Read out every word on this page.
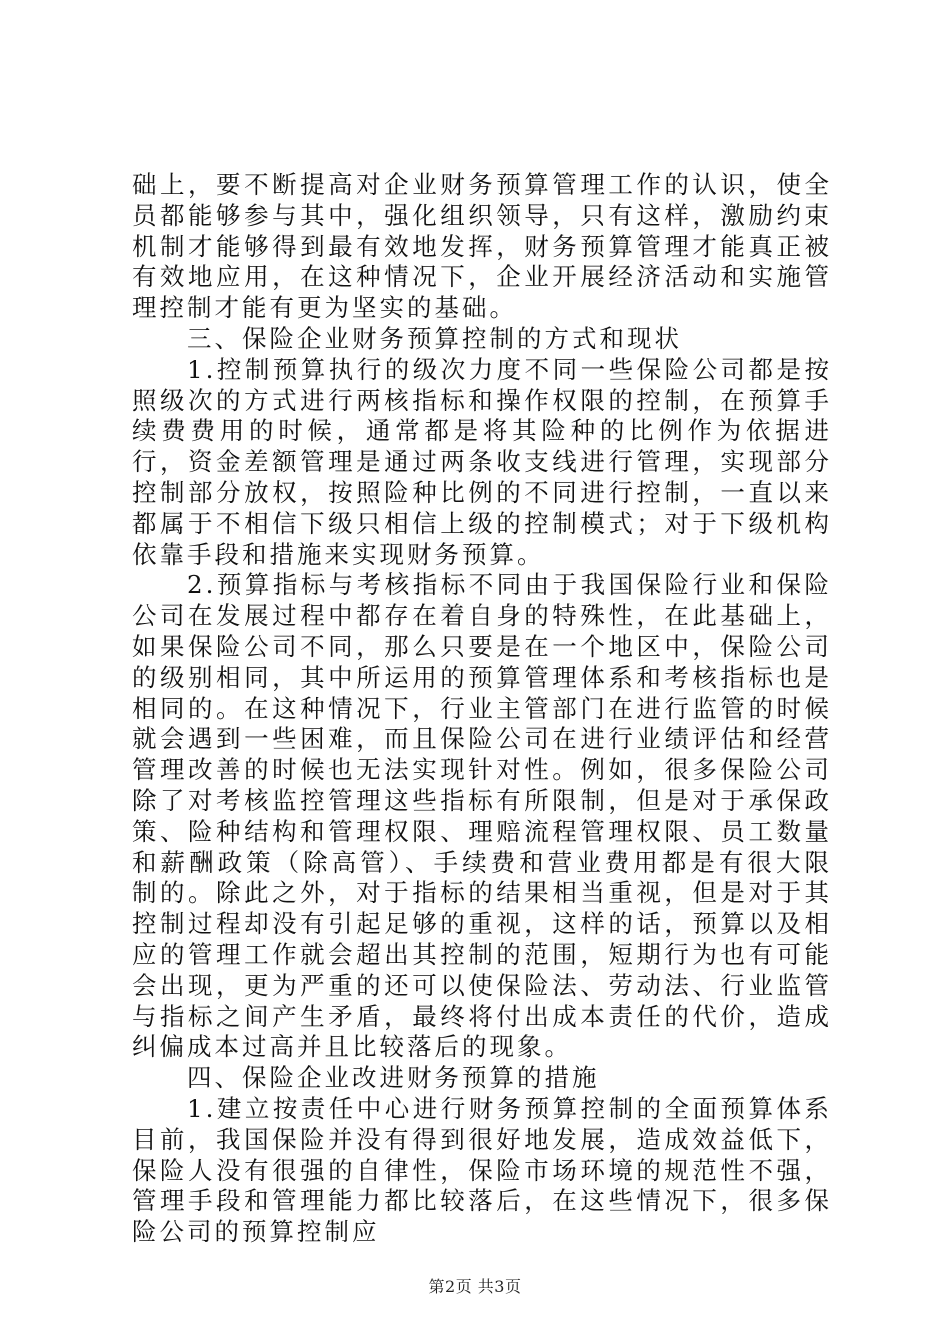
础上，要不断提高对企业财务预算管理工作的认识，使全员都能够参与其中，强化组织领导，只有这样，激励约束机制才能够得到最有效地发挥，财务预算管理才能真正被有效地应用，在这种情况下，企业开展经济活动和实施管理控制才能有更为坚实的基础。

三、保险企业财务预算控制的方式和现状

1.控制预算执行的级次力度不同一些保险公司都是按照级次的方式进行两核指标和操作权限的控制，在预算手续费费用的时候，通常都是将其险种的比例作为依据进行，资金差额管理是通过两条收支线进行管理，实现部分控制部分放权，按照险种比例的不同进行控制，一直以来都属于不相信下级只相信上级的控制模式；对于下级机构依靠手段和措施来实现财务预算。

2.预算指标与考核指标不同由于我国保险行业和保险公司在发展过程中都存在着自身的特殊性，在此基础上，如果保险公司不同，那么只要是在一个地区中，保险公司的级别相同，其中所运用的预算管理体系和考核指标也是相同的。在这种情况下，行业主管部门在进行监管的时候就会遇到一些困难，而且保险公司在进行业绩评估和经营管理改善的时候也无法实现针对性。例如，很多保险公司除了对考核监控管理这些指标有所限制，但是对于承保政策、险种结构和管理权限、理赔流程管理权限、员工数量和薪酬政策（除高管）、手续费和营业费用都是有很大限制的。除此之外，对于指标的结果相当重视，但是对于其控制过程却没有引起足够的重视，这样的话，预算以及相应的管理工作就会超出其控制的范围，短期行为也有可能会出现，更为严重的还可以使保险法、劳动法、行业监管与指标之间产生矛盾，最终将付出成本责任的代价，造成纠偏成本过高并且比较落后的现象。

四、保险企业改进财务预算的措施

1.建立按责任中心进行财务预算控制的全面预算体系目前，我国保险并没有得到很好地发展，造成效益低下，保险人没有很强的自律性，保险市场环境的规范性不强，管理手段和管理能力都比较落后，在这些情况下，很多保险公司的预算控制应

第2页 共3页
